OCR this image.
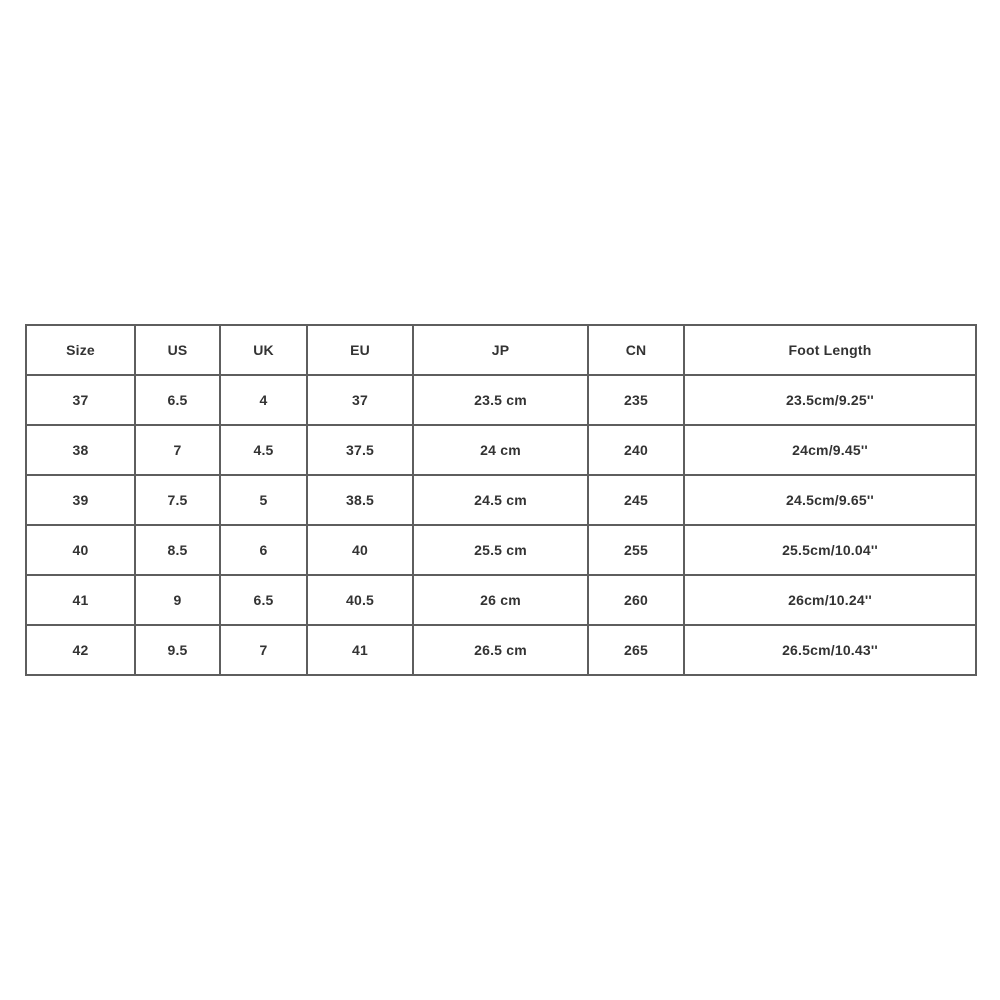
Size	US	UK	EU	JP	CN	Foot Length
37	6.5	4	37	23.5 cm	235	23.5cm/9.25''
38	7	4.5	37.5	24 cm	240	24cm/9.45''
39	7.5	5	38.5	24.5 cm	245	24.5cm/9.65''
40	8.5	6	40	25.5 cm	255	25.5cm/10.04''
41	9	6.5	40.5	26 cm	260	26cm/10.24''
42	9.5	7	41	26.5 cm	265	26.5cm/10.43''
